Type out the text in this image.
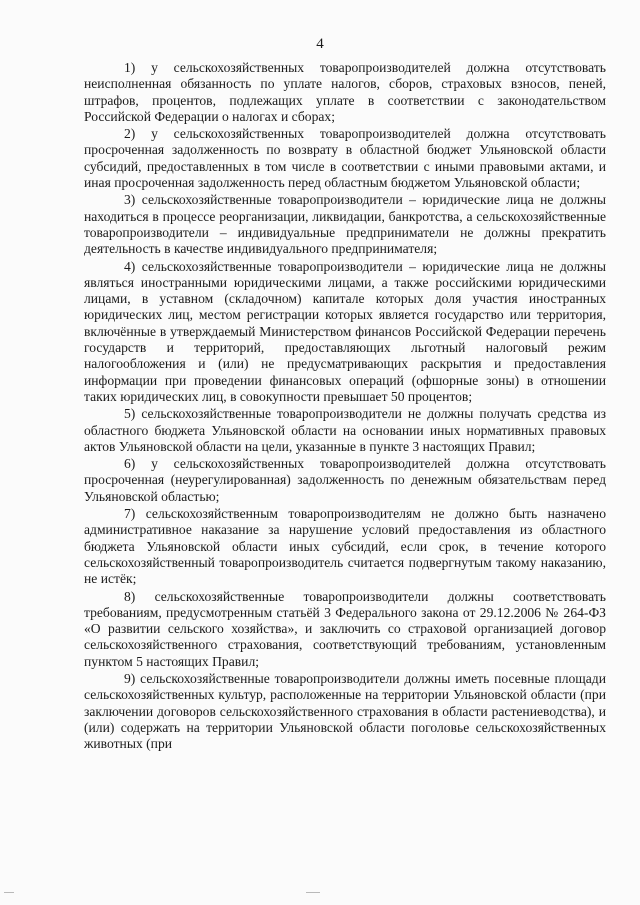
4

1) у сельскохозяйственных товаропроизводителей должна отсутствовать неисполненная обязанность по уплате налогов, сборов, страховых взносов, пеней, штрафов, процентов, подлежащих уплате в соответствии с законодательством Российской Федерации о налогах и сборах;

2) у сельскохозяйственных товаропроизводителей должна отсутствовать просроченная задолженность по возврату в областной бюджет Ульяновской области субсидий, предоставленных в том числе в соответствии с иными правовыми актами, и иная просроченная задолженность перед областным бюджетом Ульяновской области;

3) сельскохозяйственные товаропроизводители – юридические лица не должны находиться в процессе реорганизации, ликвидации, банкротства, а сельскохозяйственные товаропроизводители – индивидуальные предприниматели не должны прекратить деятельность в качестве индивидуального предпринимателя;

4) сельскохозяйственные товаропроизводители – юридические лица не должны являться иностранными юридическими лицами, а также российскими юридическими лицами, в уставном (складочном) капитале которых доля участия иностранных юридических лиц, местом регистрации которых является государство или территория, включённые в утверждаемый Министерством финансов Российской Федерации перечень государств и территорий, предоставляющих льготный налоговый режим налогообложения и (или) не предусматривающих раскрытия и предоставления информации при проведении финансовых операций (офшорные зоны) в отношении таких юридических лиц, в совокупности превышает 50 процентов;

5) сельскохозяйственные товаропроизводители не должны получать средства из областного бюджета Ульяновской области на основании иных нормативных правовых актов Ульяновской области на цели, указанные в пункте 3 настоящих Правил;

6) у сельскохозяйственных товаропроизводителей должна отсутствовать просроченная (неурегулированная) задолженность по денежным обязательствам перед Ульяновской областью;

7) сельскохозяйственным товаропроизводителям не должно быть назначено административное наказание за нарушение условий предоставления из областного бюджета Ульяновской области иных субсидий, если срок, в течение которого сельскохозяйственный товаропроизводитель считается подвергнутым такому наказанию, не истёк;

8) сельскохозяйственные товаропроизводители должны соответствовать требованиям, предусмотренным статьёй 3 Федерального закона от 29.12.2006 № 264-ФЗ «О развитии сельского хозяйства», и заключить со страховой организацией договор сельскохозяйственного страхования, соответствующий требованиям, установленным пунктом 5 настоящих Правил;

9) сельскохозяйственные товаропроизводители должны иметь посевные площади сельскохозяйственных культур, расположенные на территории Ульяновской области (при заключении договоров сельскохозяйственного страхования в области растениеводства), и (или) содержать на территории Ульяновской области поголовье сельскохозяйственных животных (при
